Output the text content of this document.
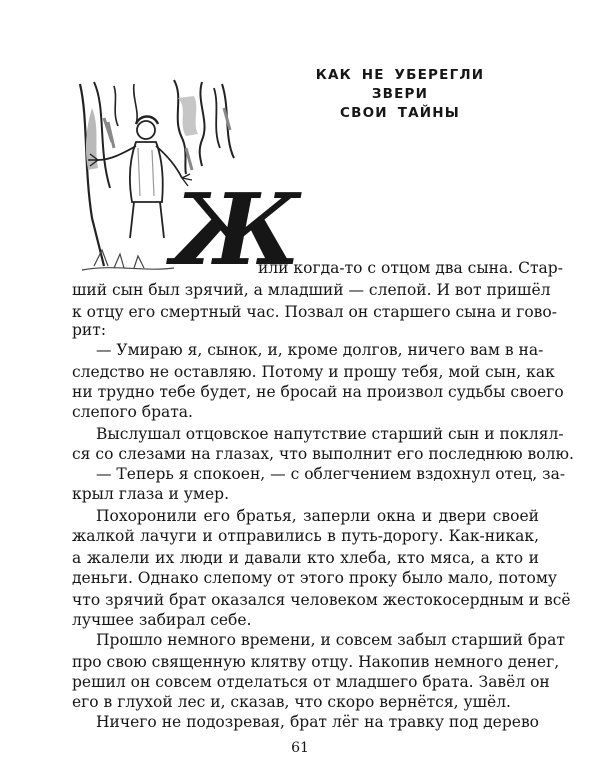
КАК НЕ УБЕРЕГЛИ
ЗВЕРИ
СВОИ ТАЙНЫ
Ж
или когда-то с отцом два сына. Стар-
ший сын был зрячий, а младший — слепой. И вот пришёл
к отцу его смертный час. Позвал он старшего сына и гово-
рит:
— Умираю я, сынок, и, кроме долгов, ничего вам в на-
следство не оставляю. Потому и прошу тебя, мой сын, как
ни трудно тебе будет, не бросай на произвол судьбы своего
слепого брата.
Выслушал отцовское напутствие старший сын и поклял-
ся со слезами на глазах, что выполнит его последнюю волю.
— Теперь я спокоен, — с облегчением вздохнул отец, за-
крыл глаза и умер.
Похоронили его братья, заперли окна и двери своей
жалкой лачуги и отправились в путь-дорогу. Как-никак,
а жалели их люди и давали кто хлеба, кто мяса, а кто и
деньги. Однако слепому от этого проку было мало, потому
что зрячий брат оказался человеком жестокосердным и всё
лучшее забирал себе.
Прошло немного времени, и совсем забыл старший брат
про свою священную клятву отцу. Накопив немного денег,
решил он совсем отделаться от младшего брата. Завёл он
его в глухой лес и, сказав, что скоро вернётся, ушёл.
Ничего не подозревая, брат лёг на травку под дерево
61
